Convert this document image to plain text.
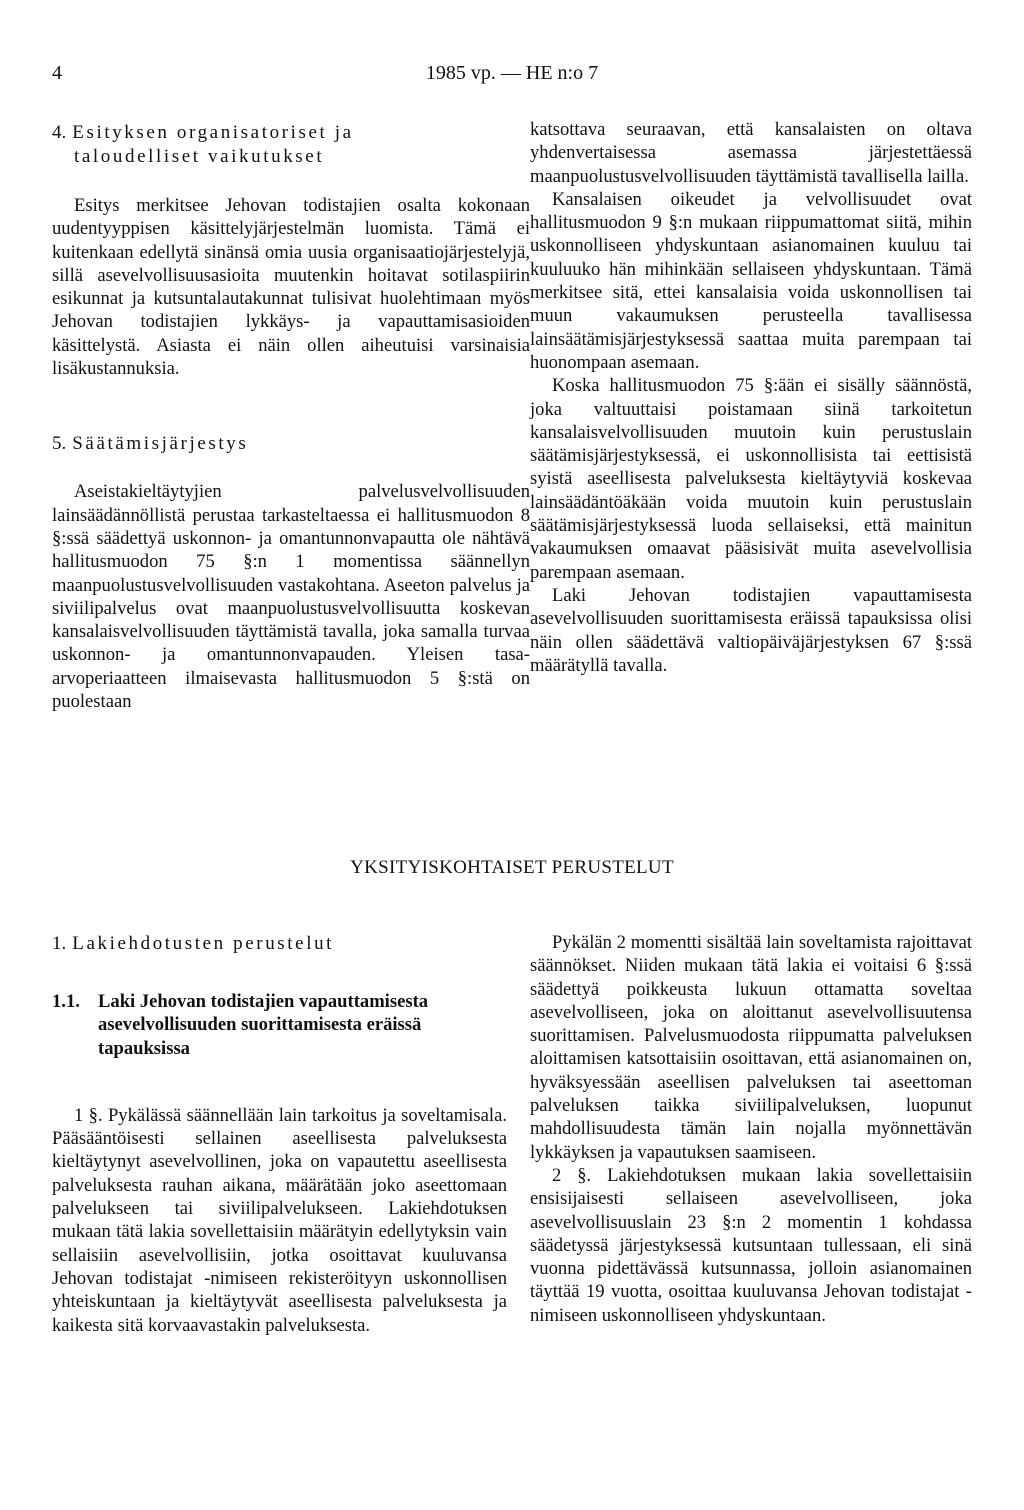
4	1985 vp. — HE n:o 7
4. Esityksen organisatoriset ja
taloudelliset vaikutukset

Esitys merkitsee Jehovan todistajien osalta kokonaan uudentyyppisen käsittelyjärjestelmän luomista. Tämä ei kuitenkaan edellytä sinänsä omia uusia organisaatiojärjestelyjä, sillä asevelvollisuusasioita muutenkin hoitavat sotilaspiirin esikunnat ja kutsuntalautakunnat tulisivat huolehtimaan myös Jehovan todistajien lykkäys- ja vapauttamisasioiden käsittelystä. Asiasta ei näin ollen aiheutuisi varsinaisia lisäkustannuksia.

5. Säätämisjärjestys

Aseistakieltäytyjien palvelusvelvollisuuden lainsäädännöllistä perustaa tarkasteltaessa ei hallitusmuodon 8 §:ssä säädettyä uskonnon- ja omantunnonvapautta ole nähtävä hallitusmuodon 75 §:n 1 momentissa säännellyn maanpuolustusvelvollisuuden vastakohtana. Aseeton palvelus ja siviilipalvelus ovat maanpuolustusvelvollisuutta koskevan kansalaisvelvollisuuden täyttämistä tavalla, joka samalla turvaa uskonnon- ja omantunnonvapauden. Yleisen tasa-arvoperiaatteen ilmaisevasta hallitusmuodon 5 §:stä on puolestaan

katsottava seuraavan, että kansalaisten on oltava yhdenvertaisessa asemassa järjestettäessä maanpuolustusvelvollisuuden täyttämistä tavallisella lailla.

Kansalaisen oikeudet ja velvollisuudet ovat hallitusmuodon 9 §:n mukaan riippumattomat siitä, mihin uskonnolliseen yhdyskuntaan asianomainen kuuluu tai kuuluuko hän mihinkään sellaiseen yhdyskuntaan. Tämä merkitsee sitä, ettei kansalaisia voida uskonnollisen tai muun vakaumuksen perusteella tavallisessa lainsäätämisjärjestyksessä saattaa muita parempaan tai huonompaan asemaan.

Koska hallitusmuodon 75 §:ään ei sisälly säännöstä, joka valtuuttaisi poistamaan siinä tarkoitetun kansalaisvelvollisuuden muutoin kuin perustuslain säätämisjärjestyksessä, ei uskonnollisista tai eettisistä syistä aseellisesta palveluksesta kieltäytyviä koskevaa lainsäädäntöäkään voida muutoin kuin perustuslain säätämisjärjestyksessä luoda sellaiseksi, että mainitun vakaumuksen omaavat pääsisivät muita asevelvollisia parempaan asemaan.

Laki Jehovan todistajien vapauttamisesta asevelvollisuuden suorittamisesta eräissä tapauksissa olisi näin ollen säädettävä valtiopäiväjärjestyksen 67 §:ssä määrätyllä tavalla.

YKSITYISKOHTAISET PERUSTELUT
1. Lakiehdotusten perustelut
1.1. Laki Jehovan todistajien vapauttamisesta
asevelvollisuuden suorittamisesta eräissä
tapauksissa

1 §. Pykälässä säännellään lain tarkoitus ja soveltamisala. Pääsääntöisesti sellainen aseellisesta palveluksesta kieltäytynyt asevelvollinen, joka on vapautettu aseellisesta palveluksesta rauhan aikana, määrätään joko aseettomaan palvelukseen tai siviilipalvelukseen. Lakiehdotuksen mukaan tätä lakia sovellettaisiin määrätyin edellytyksin vain sellaisiin asevelvollisiin, jotka osoittavat kuuluvansa Jehovan todistajat -nimiseen rekisteröityyn uskonnollisen yhteiskuntaan ja kieltäytyvät aseellisesta palveluksesta ja kaikesta sitä korvaavastakin palveluksesta.

Pykälän 2 momentti sisältää lain soveltamista rajoittavat säännökset. Niiden mukaan tätä lakia ei voitaisi 6 §:ssä säädettyä poikkeusta lukuun ottamatta soveltaa asevelvolliseen, joka on aloittanut asevelvollisuutensa suorittamisen. Palvelusmuodosta riippumatta palveluksen aloittamisen katsottaisiin osoittavan, että asianomainen on, hyväksyessään aseellisen palveluksen tai aseettoman palveluksen taikka siviilipalveluksen, luopunut mahdollisuudesta tämän lain nojalla myönnettävän lykkäyksen ja vapautuksen saamiseen.

2 §. Lakiehdotuksen mukaan lakia sovellettaisiin ensisijaisesti sellaiseen asevelvolliseen, joka asevelvollisuuslain 23 §:n 2 momentin 1 kohdassa säädetyssä järjestyksessä kutsuntaan tullessaan, eli sinä vuonna pidettävässä kutsunnassa, jolloin asianomainen täyttää 19 vuotta, osoittaa kuuluvansa Jehovan todistajat -nimiseen uskonnolliseen yhdyskuntaan.
